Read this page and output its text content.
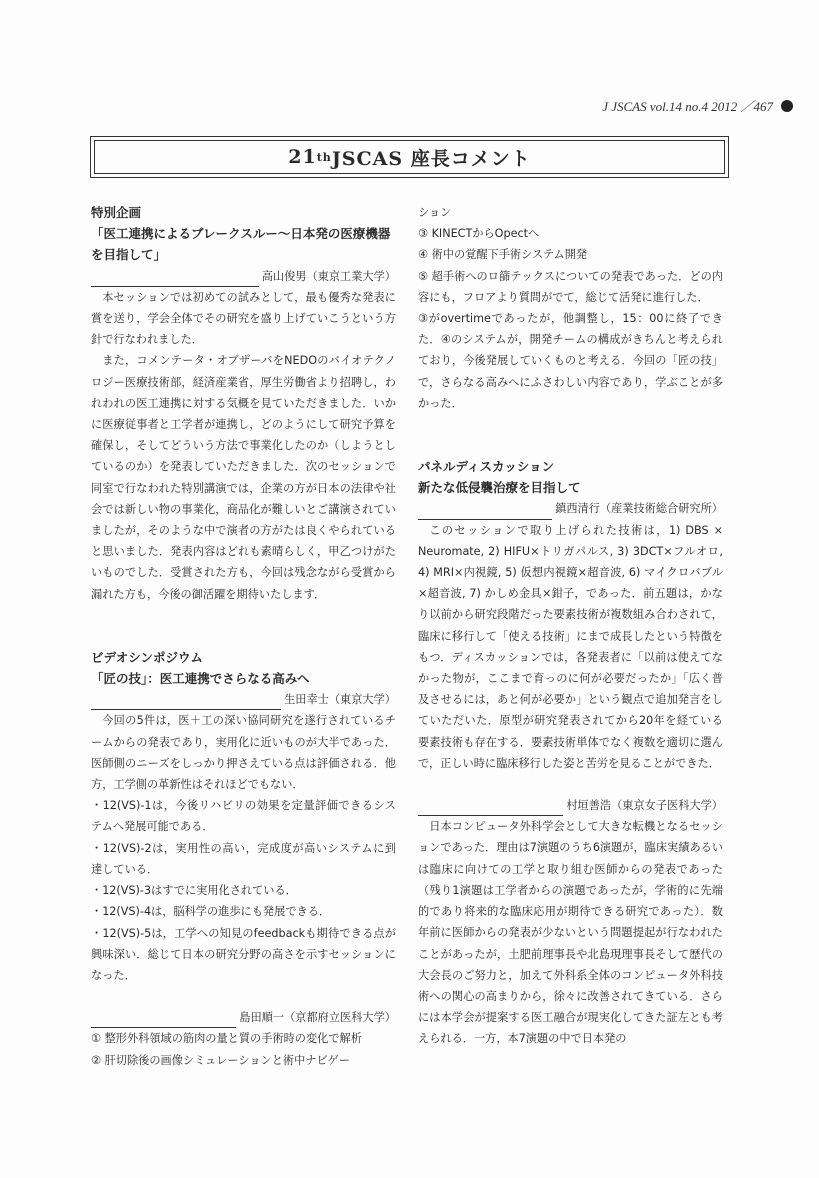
J JSCAS vol.14 no.4 2012 ／467
21 th JSCAS 座長コメント
特別企画
「医工連携によるブレークスルー～日本発の医療機器を目指して」
高山俊男（東京工業大学）

本セッションでは初めての試みとして，最も優秀な発表に賞を送り，学会全体でその研究を盛り上げていこうという方針で行なわれました．

また，コメンテータ・オブザーバをNEDOのバイオテクノロジー医療技術部，経済産業省，厚生労働省より招聘し，われわれの医工連携に対する気概を見ていただきました．いかに医療従事者と工学者が連携し，どのようにして研究予算を確保し，そしてどういう方法で事業化したのか（しようとしているのか）を発表していただきました．次のセッションで同室で行なわれた特別講演では，企業の方が日本の法律や社会では新しい物の事業化，商品化が難しいとご講演されていましたが，そのような中で演者の方がたは良くやられていると思いました．発表内容はどれも素晴らしく，甲乙つけがたいものでした．受賞された方も，今回は残念ながら受賞から漏れた方も，今後の御活躍を期待いたします．

ビデオシンポジウム
「匠の技」：医工連携でさらなる高みへ
生田幸士（東京大学）

今回の5件は，医＋工の深い協同研究を遂行されているチームからの発表であり，実用化に近いものが大半であった．医師側のニーズをしっかり押さえている点は評価される．他方，工学側の革新性はそれほどでもない．

・12(VS)-1は，今後リハビリの効果を定量評価できるシステムへ発展可能である．

・12(VS)-2は，実用性の高い，完成度が高いシステムに到達している．

・12(VS)-3はすでに実用化されている．

・12(VS)-4は，脳科学の進歩にも発展できる．

・12(VS)-5は，工学への知見のfeedbackも期待できる点が興味深い．総じて日本の研究分野の高さを示すセッションになった．

島田順一（京都府立医科大学）

① 整形外科領域の筋肉の量と質の手術時の変化で解析

② 肝切除後の画像シミュレーションと術中ナビゲー

ション

③ KINECTからOpectへ

④ 術中の覚醒下手術システム開発

⑤ 超手術へのロ篩テックスについての発表であった．どの内容にも，フロアより質問がでて，総じて活発に進行した．

③がovertimeであったが，他調整し，15：00に終了できた．④のシステムが，開発チームの構成がきちんと考えられており，今後発展していくものと考える．今回の「匠の技」で，さらなる高みへにふさわしい内容であり，学ぶことが多かった．

パネルディスカッション
新たな低侵襲治療を目指して
鎮西清行（産業技術総合研究所）

このセッションで取り上げられた技術は，1) DBS × Neuromate, 2) HIFU×トリガパルス, 3) 3DCT×フルオロ, 4) MRI×内視鏡, 5) 仮想内視鏡×超音波, 6) マイクロバブル×超音波, 7) かしめ金具×鉗子，であった．前五題は，かなり以前から研究段階だった要素技術が複数組み合わされて，臨床に移行して「使える技術」にまで成長したという特徴をもつ．ディスカッションでは，各発表者に「以前は使えてなかった物が，ここまで育っのに何が必要だったか」「広く普及させるには，あと何が必要か」という観点で追加発言をしていただいた．原型が研究発表されてから20年を経ている要素技術も存在する．要素技術単体でなく複数を適切に選んで，正しい時に臨床移行した姿と苦労を見ることができた．

村垣善浩（東京女子医科大学）

日本コンピュータ外科学会として大きな転機となるセッションであった．理由は7演題のうち6演題が，臨床実績あるいは臨床に向けての工学と取り組む医師からの発表であった（残り1演題は工学者からの演題であったが，学術的に先端的であり将来的な臨床応用が期待できる研究であった）．数年前に医師からの発表が少ないという問題提起が行なわれたことがあったが，土肥前理事長や北島現理事長そして歴代の大会長のご努力と，加えて外科系全体のコンピュータ外科技術への関心の高まりから，徐々に改善されてきている．さらには本学会が提案する医工融合が現実化してきた証左とも考えられる．一方，本7演題の中で日本発の
